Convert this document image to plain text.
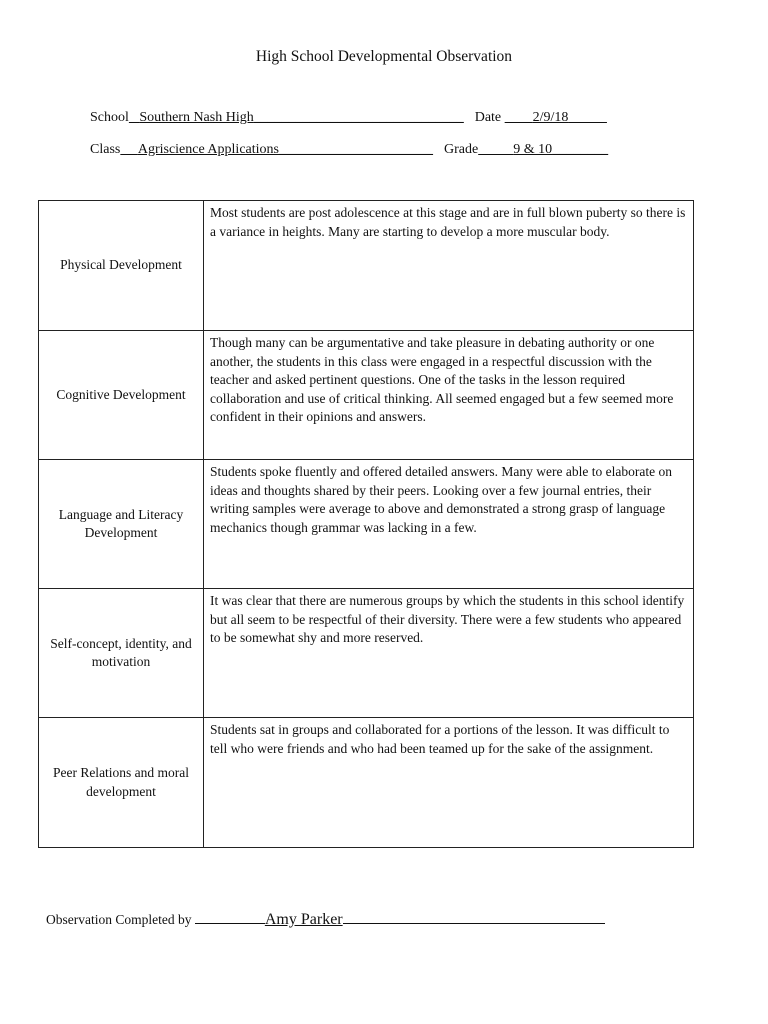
High School Developmental Observation
School Southern Nash High______________________________ Date 2/9/18
Class Agriscience Applications______________________ Grade	9 & 10________
Physical Development	Most students are post adolescence at this stage and are in full blown puberty so there is a variance in heights. Many are starting to develop a more muscular body.
Cognitive Development	Though many can be argumentative and take pleasure in debating authority or one another, the students in this class were engaged in a respectful discussion with the teacher and asked pertinent questions. One of the tasks in the lesson required collaboration and use of critical thinking. All seemed engaged but a few seemed more confident in their opinions and answers.
Language and Literacy Development	Students spoke fluently and offered detailed answers. Many were able to elaborate on ideas and thoughts shared by their peers. Looking over a few journal entries, their writing samples were average to above and demonstrated a strong grasp of language mechanics though grammar was lacking in a few.
Self-concept, identity, and motivation	It was clear that there are numerous groups by which the students in this school identify but all seem to be respectful of their diversity. There were a few students who appeared to be somewhat shy and more reserved.
Peer Relations and moral development	Students sat in groups and collaborated for a portions of the lesson. It was difficult to tell who were friends and who had been teamed up for the sake of the assignment.
Observation Completed by	Amy Parker
